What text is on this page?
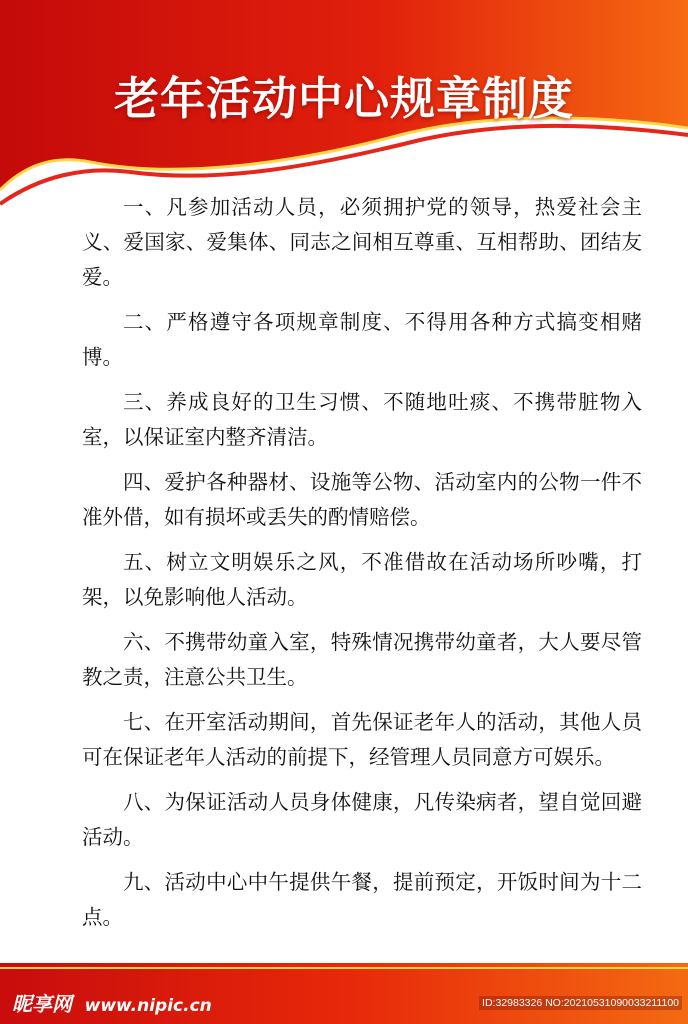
老年活动中心规章制度

一、凡参加活动人员，必须拥护党的领导，热爱社会主义、爱国家、爱集体、同志之间相互尊重、互相帮助、团结友爱。

二、严格遵守各项规章制度、不得用各种方式搞变相赌博。

三、养成良好的卫生习惯、不随地吐痰、不携带脏物入室，以保证室内整齐清洁。

四、爱护各种器材、设施等公物、活动室内的公物一件不准外借，如有损坏或丢失的酌情赔偿。

五、树立文明娱乐之风，不准借故在活动场所吵嘴，打架，以免影响他人活动。

六、不携带幼童入室，特殊情况携带幼童者，大人要尽管教之责，注意公共卫生。

七、在开室活动期间，首先保证老年人的活动，其他人员可在保证老年人活动的前提下，经管理人员同意方可娱乐。

八、为保证活动人员身体健康，凡传染病者，望自觉回避活动。

九、活动中心中午提供午餐，提前预定，开饭时间为十二点。

昵享网 www.nipic.cn	ID:32983326 NO:20210531090033211100
